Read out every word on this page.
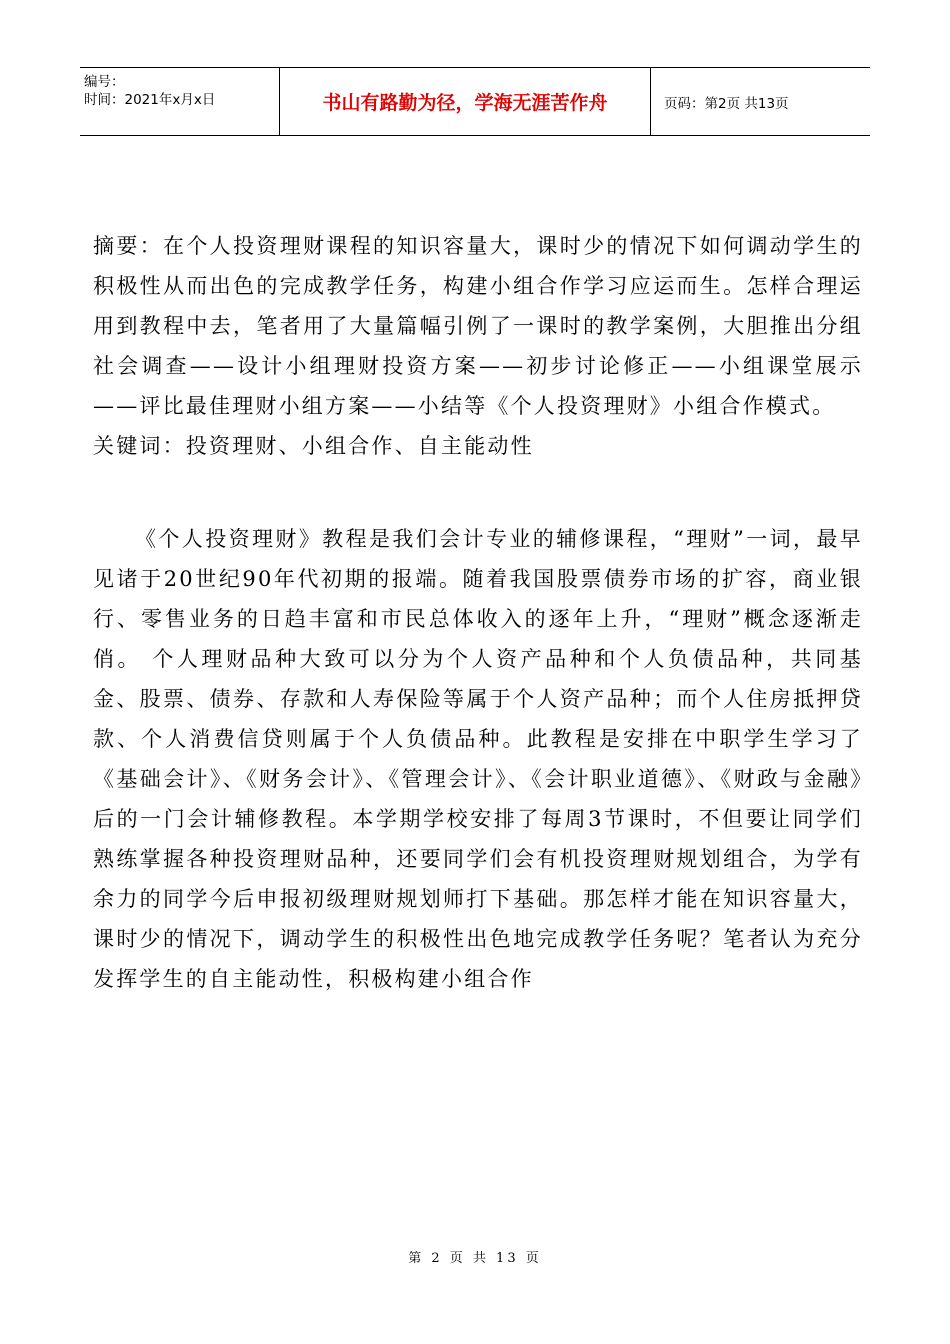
编号：
时间：2021年x月x日	书山有路勤为径，学海无涯苦作舟	页码：第2页 共13页

摘要：在个人投资理财课程的知识容量大，课时少的情况下如何调动学生的积极性从而出色的完成教学任务，构建小组合作学习应运而生。怎样合理运用到教程中去，笔者用了大量篇幅引例了一课时的教学案例，大胆推出分组社会调查——设计小组理财投资方案——初步讨论修正——小组课堂展示——评比最佳理财小组方案——小结等《个人投资理财》小组合作模式。

关键词：投资理财、小组合作、自主能动性

《个人投资理财》教程是我们会计专业的辅修课程，“理财”一词，最早见诸于20世纪90年代初期的报端。随着我国股票债券市场的扩容，商业银行、零售业务的日趋丰富和市民总体收入的逐年上升，“理财”概念逐渐走俏。 个人理财品种大致可以分为个人资产品种和个人负债品种，共同基金、股票、债券、存款和人寿保险等属于个人资产品种；而个人住房抵押贷款、个人消费信贷则属于个人负债品种。此教程是安排在中职学生学习了《基础会计》、《财务会计》、《管理会计》、《会计职业道德》、《财政与金融》后的一门会计辅修教程。本学期学校安排了每周3节课时，不但要让同学们熟练掌握各种投资理财品种，还要同学们会有机投资理财规划组合，为学有余力的同学今后申报初级理财规划师打下基础。那怎样才能在知识容量大，课时少的情况下，调动学生的积极性出色地完成教学任务呢？笔者认为充分发挥学生的自主能动性，积极构建小组合作

第 2 页 共 13 页
